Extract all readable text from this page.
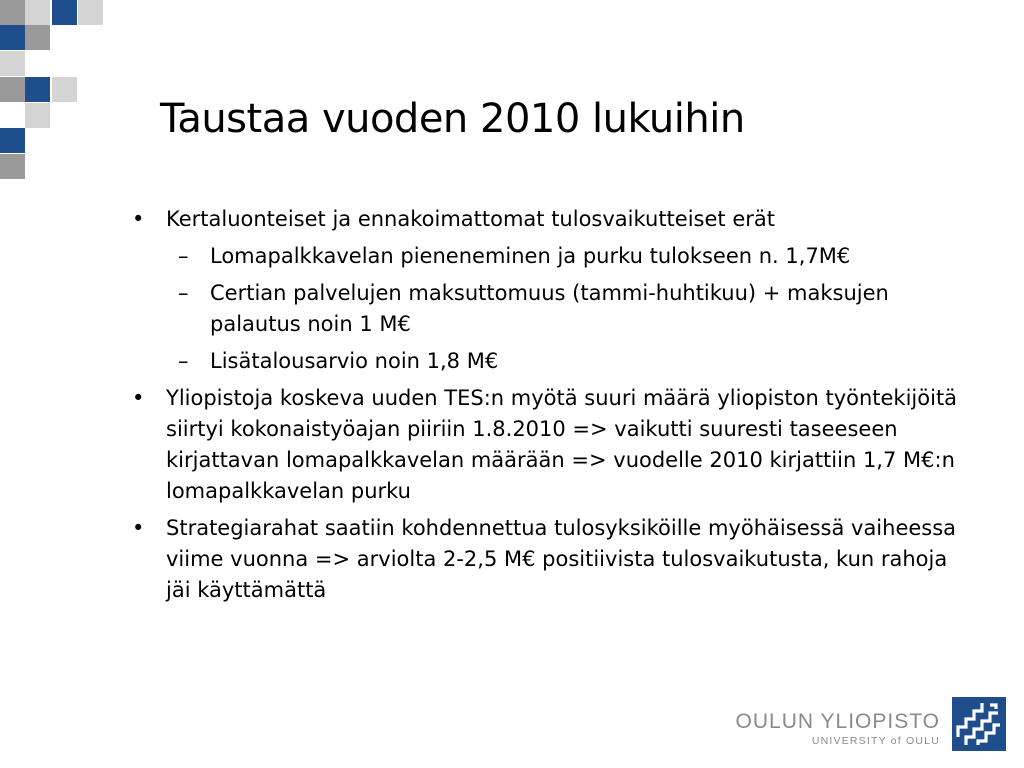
Taustaa vuoden 2010 lukuihin
• Kertaluonteiset ja ennakoimattomat tulosvaikutteiset erät
– Lomapalkkavelan pieneneminen ja purku tulokseen n. 1,7M€
– Certian palvelujen maksuttomuus (tammi-huhtikuu) + maksujen palautus noin 1 M€
– Lisätalousarvio noin 1,8 M€
• Yliopistoja koskeva uuden TES:n myötä suuri määrä yliopiston työntekijöitä siirtyi kokonaistyöajan piiriin 1.8.2010 => vaikutti suuresti taseeseen kirjattavan lomapalkkavelan määrään => vuodelle 2010 kirjattiin 1,7 M€:n lomapalkkavelan purku
• Strategiarahat saatiin kohdennettua tulosyksiköille myöhäisessä vaiheessa viime vuonna => arviolta 2-2,5 M€ positiivista tulosvaikutusta, kun rahoja jäi käyttämättä
OULUN YLIOPISTO
UNIVERSITY of OULU
